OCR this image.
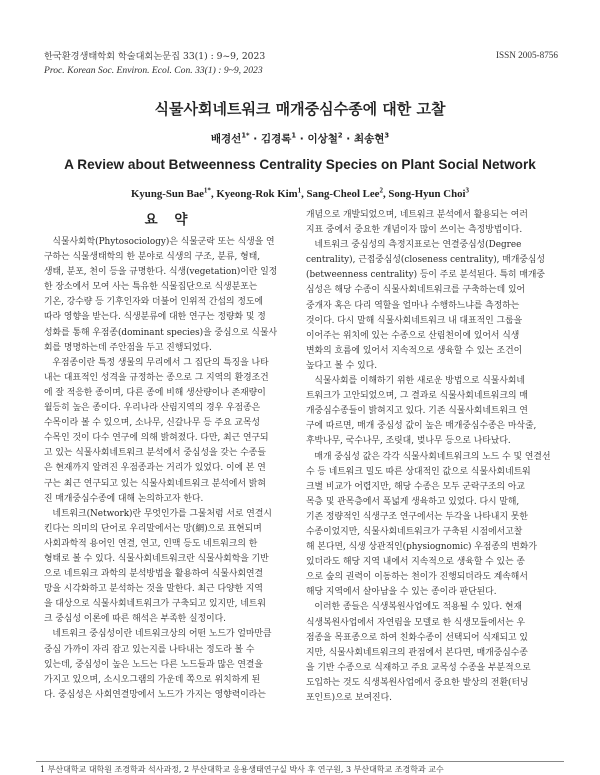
한국환경생태학회 학술대회논문집 33(1) : 9~9, 2023
Proc. Korean Soc. Environ. Ecol. Con. 33(1) : 9~9, 2023
ISSN 2005-8756
식물사회네트워크 매개중심수종에 대한 고찰
배경선$^{1*}$ · 김경록$^1$ · 이상철$^2$ · 최송현$^3$
A Review about Betweenness Centrality Species on Plant Social Network
Kyung-Sun Bae$^{1*}$, Kyeong-Rok Kim$^1$, Sang-Cheol Lee$^2$, Song-Hyun Choi$^3$
요 약
식물사회학(Phytosociology)은 식물군락 또는 식생을 연
구하는 식물생태학의 한 분야로 식생의 구조, 분류, 형태,
생태, 분포, 천이 등을 규명한다. 식생(vegetation)이란 일정
한 장소에서 모여 사는 특유한 식물집단으로 식생분포는
기온, 강수량 등 기후인자와 더불어 인위적 간섭의 정도에
따라 영향을 받는다. 식생분류에 대한 연구는 정량화 및 정
성화를 통해 우점종(dominant species)을 중심으로 식물사
회를 명명하는데 주안점을 두고 진행되었다.
우점종이란 특정 생물의 무리에서 그 집단의 특징을 나타
내는 대표적인 성격을 규정하는 종으로 그 지역의 환경조건
에 잘 적응한 종이며, 다른 종에 비해 생산량이나 존재량이
월등히 높은 종이다. 우리나라 산림지역의 경우 우점종은
수목이라 볼 수 있으며, 소나무, 신갈나무 등 주요 교목성
수목인 것이 다수 연구에 의해 밝혀졌다. 다만, 최근 연구되
고 있는 식물사회네트워크 분석에서 중심성을 갖는 수종들
은 현재까지 알려진 우점종과는 거리가 있었다. 이에 본 연
구는 최근 연구되고 있는 식물사회네트워크 분석에서 밝혀
진 매개중심수종에 대해 논의하고자 한다.
네트워크(Network)란 무엇인가를 그물처럼 서로 연결시
킨다는 의미의 단어로 우리말에서는 망(網)으로 표현되며
사회과학적 용어인 연결, 연고, 인맥 등도 네트워크의 한
형태로 볼 수 있다. 식물사회네트워크란 식물사회학을 기반
으로 네트워크 과학의 분석방법을 활용하여 식물사회연결
망을 시각화하고 분석하는 것을 말한다. 최근 다양한 지역
을 대상으로 식물사회네트워크가 구축되고 있지만, 네트워
크 중심성 이론에 따른 해석은 부족한 실정이다.
네트워크 중심성이란 네트워크상의 어떤 노드가 얼마만큼
중심 가까이 자리 잡고 있는지를 나타내는 정도라 볼 수
있는데, 중심성이 높은 노드는 다른 노드들과 많은 연결을
가지고 있으며, 소시오그램의 가운데 쪽으로 위치하게 된
다. 중심성은 사회연결망에서 노드가 가지는 영향력이라는
개념으로 개발되었으며, 네트워크 분석에서 활용되는 여러
지표 중에서 중요한 개념이자 많이 쓰이는 측정방법이다.
네트워크 중심성의 측정지표로는 연결중심성(Degree
centrality), 근접중심성(closeness centrality), 매개중심성
(betweenness centrality) 등이 주로 분석된다. 특히 매개중
심성은 해당 수종이 식물사회네트워크를 구축하는데 있어
중개자 혹은 다리 역할을 얼마나 수행하느냐를 측정하는
것이다. 다시 말해 식물사회네트워크 내 대표적인 그룹을
이어주는 위치에 있는 수종으로 산림천이에 있어서 식생
변화의 흐름에 있어서 지속적으로 생육할 수 있는 조건이
높다고 볼 수 있다.
식물사회를 이해하기 위한 새로운 방법으로 식물사회네
트워크가 고안되었으며, 그 결과로 식물사회네트워크의 매
개중심수종들이 밝혀지고 있다. 기존 식물사회네트워크 연
구에 따르면, 매개 중심성 값이 높은 매개중심수종은 마삭줄,
후박나무, 국수나무, 조릿대, 벚나무 등으로 나타났다.
매개 중심성 값은 각각 식물사회네트워크의 노드 수 및 연결선
수 등 네트워크 밀도 따른 상대적인 값으로 식물사회네트워
크별 비교가 어렵지만, 해당 수종은 모두 군락구조의 아교
목층 및 관목층에서 폭넓게 생육하고 있었다. 다시 말해,
기존 정량적인 식생구조 연구에서는 두각을 나타내지 못한
수종이었지만, 식물사회네트워크가 구축된 시점에서고찰
해 본다면, 식생 상관적인(physiognomic) 우점종의 변화가
있더라도 해당 지역 내에서 지속적으로 생육할 수 있는 종
으로 숲의 권력이 이동하는 천이가 진행되더라도 계속해서
해당 지역에서 살아남을 수 있는 종이라 판단된다.
이러한 종들은 식생복원사업에도 적용될 수 있다. 현재
식생복원사업에서 자연림을 모델로 한 식생모듈에서는 우
점종을 목표종으로 하여 친화수종이 선택되어 식재되고 있
지만, 식물사회네트워크의 관점에서 본다면, 매개중심수종
을 기반 수종으로 식재하고 주요 교목성 수종을 부분적으로
도입하는 것도 식생복원사업에서 중요한 발상의 전환(터닝
포인트)으로 보여진다.
1 부산대학교 대학원 조경학과 석사과정, 2 부산대학교 응용생태연구실 박사 후 연구원, 3 부산대학교 조경학과 교수
